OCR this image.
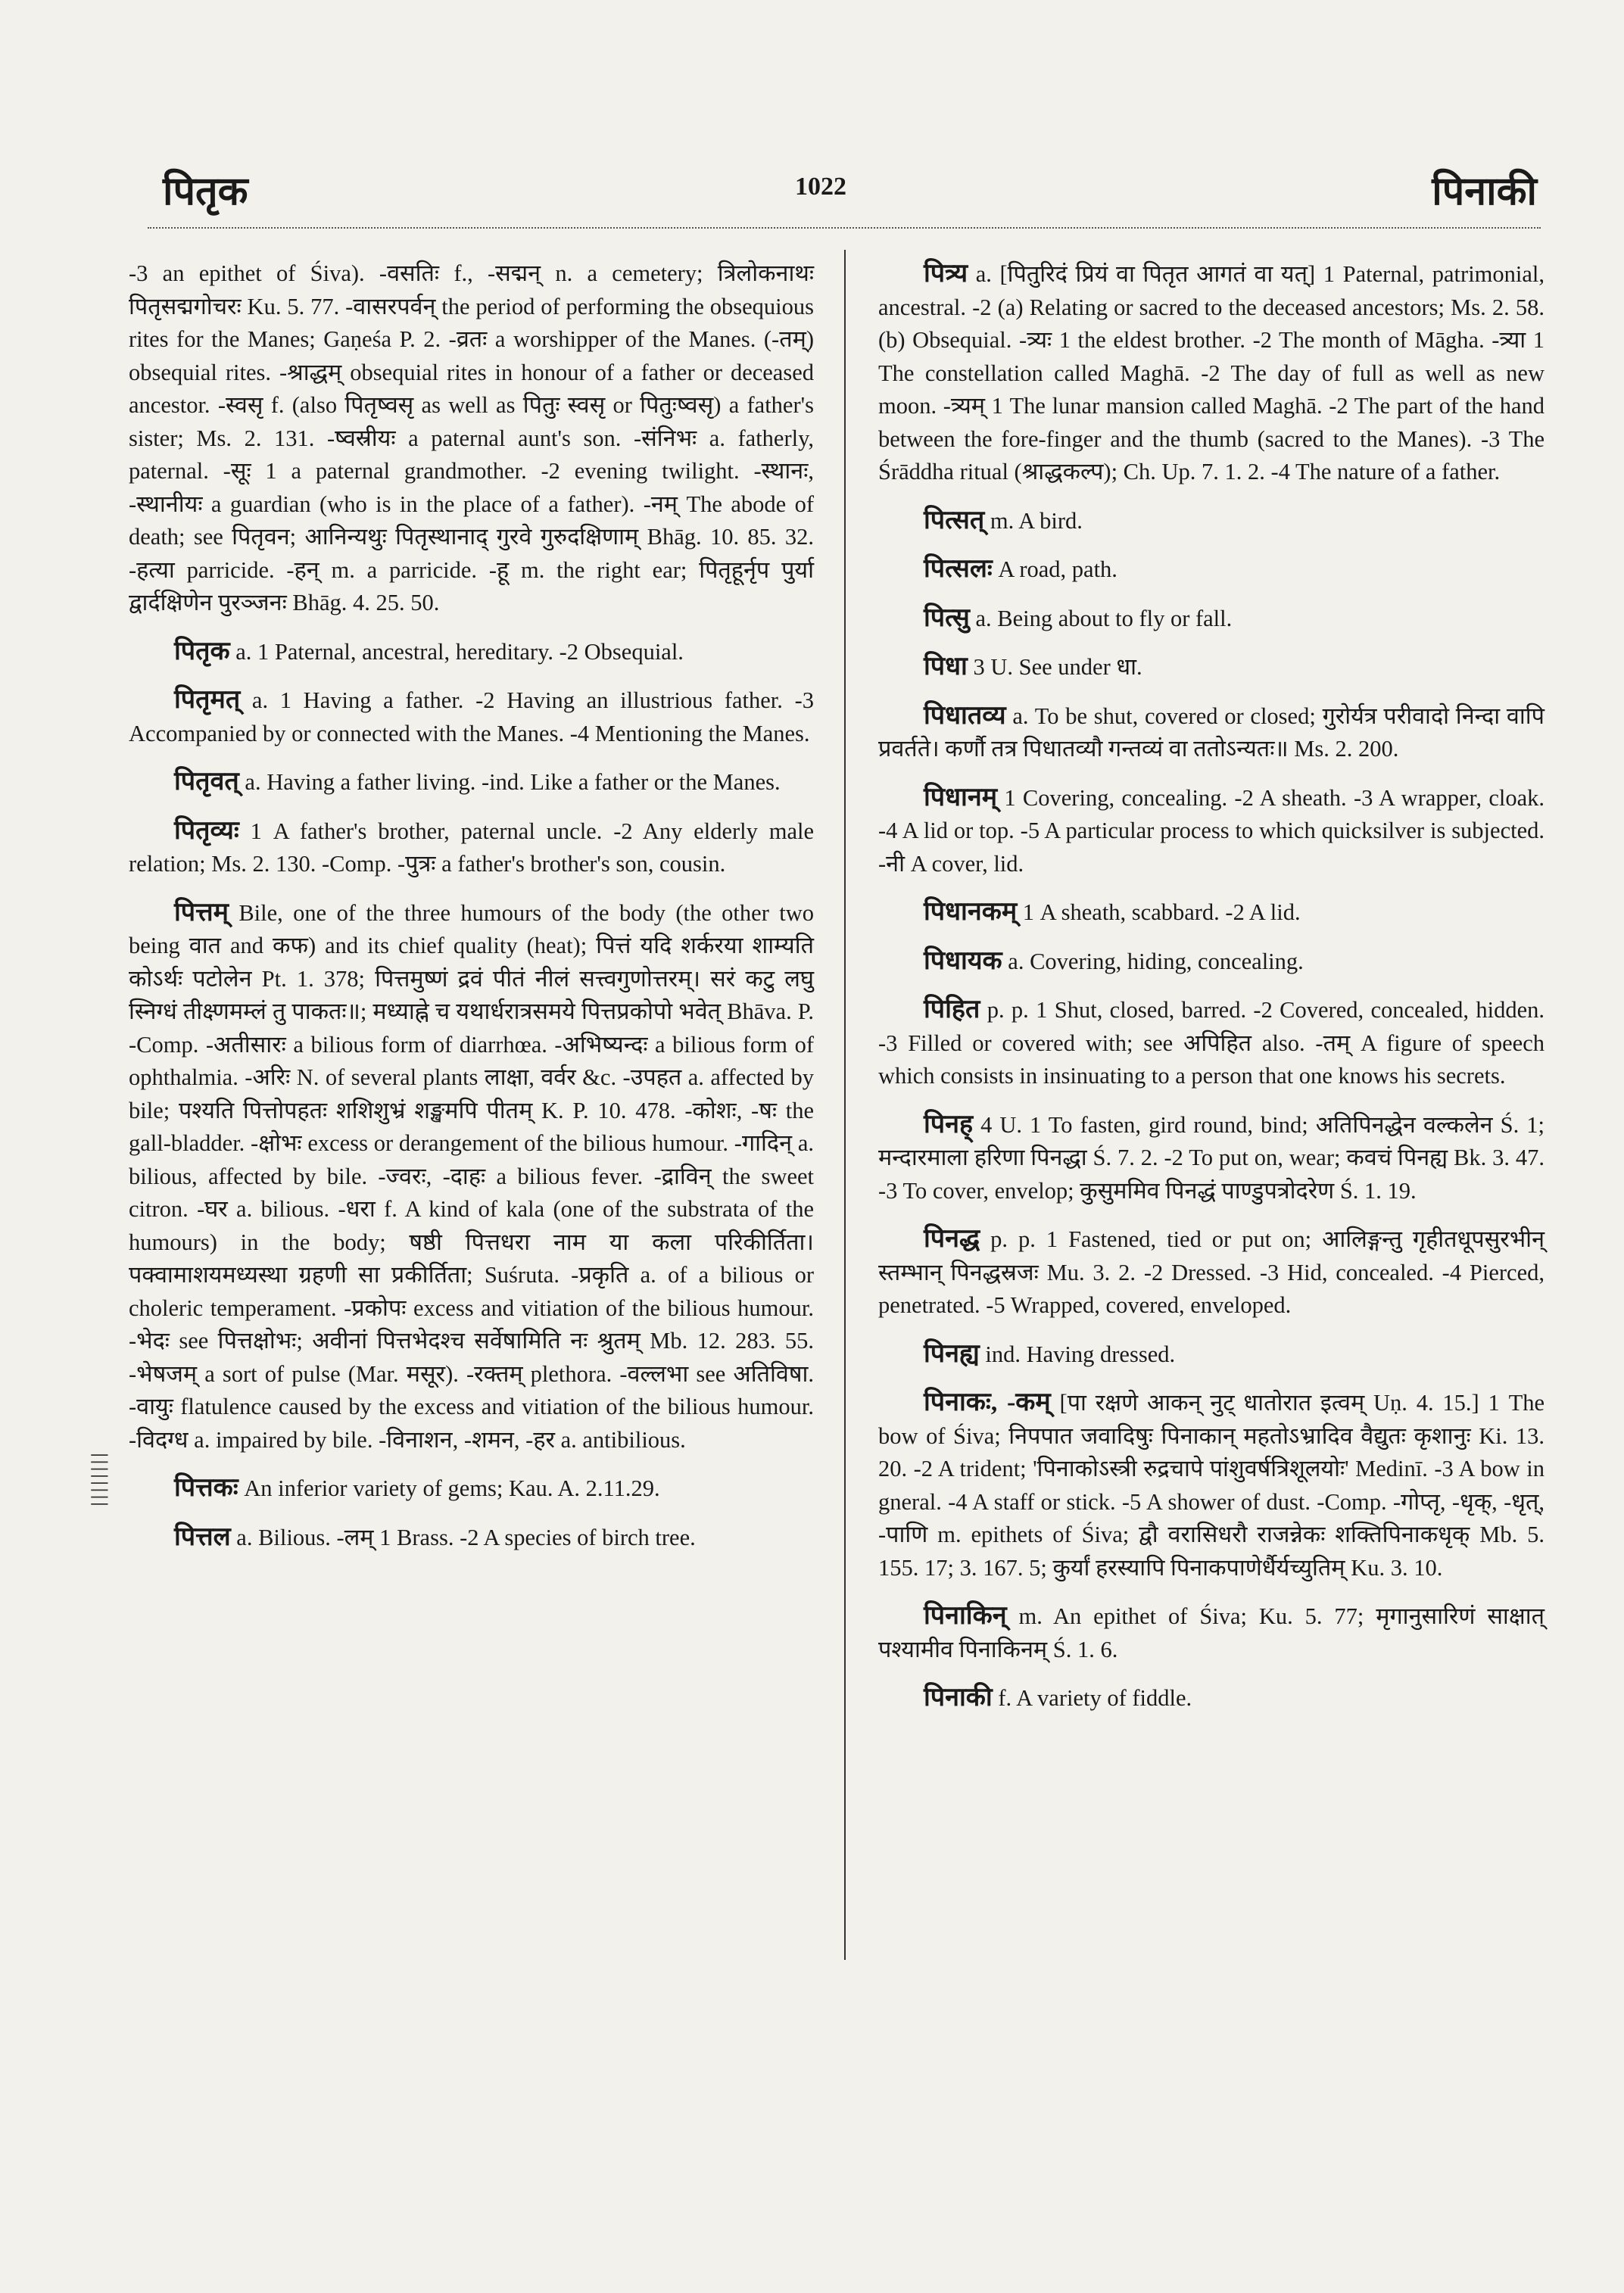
पितृक	1022	पिनाकी
||||||||

-3 an epithet of Śiva). -वसतिः f., -सद्मन् n. a cemetery; त्रिलोकनाथः पितृसद्मगोचरः Ku. 5. 77. -वासरपर्वन् the period of performing the obsequious rites for the Manes; Gaṇeśa P. 2. -व्रतः a worshipper of the Manes. (-तम्) obsequial rites. -श्राद्धम् obsequial rites in honour of a father or deceased ancestor. -स्वसृ f. (also पितृष्वसृ as well as पितुः स्वसृ or पितुःष्वसृ) a father's sister; Ms. 2. 131. -ष्वस्रीयः a paternal aunt's son. -संनिभः a. fatherly, paternal. -सूः 1 a paternal grandmother. -2 evening twilight. -स्थानः, -स्थानीयः a guardian (who is in the place of a father). -नम् The abode of death; see पितृवन; आनिन्यथुः पितृस्थानाद् गुरवे गुरुदक्षिणाम् Bhāg. 10. 85. 32. -हत्या parricide. -हन् m. a parricide. -हू m. the right ear; पितृहूर्नृप पुर्या द्वार्दक्षिणेन पुरञ्जनः Bhāg. 4. 25. 50.

पितृक a. 1 Paternal, ancestral, hereditary. -2 Obsequial.

पितृमत् a. 1 Having a father. -2 Having an illustrious father. -3 Accompanied by or connected with the Manes. -4 Mentioning the Manes.

पितृवत् a. Having a father living. -ind. Like a father or the Manes.

पितृव्यः 1 A father's brother, paternal uncle. -2 Any elderly male relation; Ms. 2. 130. -Comp. -पुत्रः a father's brother's son, cousin.

पित्तम् Bile, one of the three humours of the body (the other two being वात and कफ) and its chief quality (heat); पित्तं यदि शर्करया शाम्यति कोऽर्थः पटोलेन Pt. 1. 378; पित्तमुष्णं द्रवं पीतं नीलं सत्त्वगुणोत्तरम्। सरं कटु लघु स्निग्धं तीक्ष्णमम्लं तु पाकतः॥; मध्याह्ने च यथार्धरात्रसमये पित्तप्रकोपो भवेत् Bhāva. P. -Comp. -अतीसारः a bilious form of diarrhœa. -अभिष्यन्दः a bilious form of ophthalmia. -अरिः N. of several plants लाक्षा, वर्वर &c. -उपहत a. affected by bile; पश्यति पित्तोपहतः शशिशुभ्रं शङ्खमपि पीतम् K. P. 10. 478. -कोशः, -षः the gall-bladder. -क्षोभः excess or derangement of the bilious humour. -गादिन् a. bilious, affected by bile. -ज्वरः, -दाहः a bilious fever. -द्राविन् the sweet citron. -घर a. bilious. -धरा f. A kind of kala (one of the substrata of the humours) in the body; षष्ठी पित्तधरा नाम या कला परिकीर्तिता। पक्वामाशयमध्यस्था ग्रहणी सा प्रकीर्तिता; Suśruta. -प्रकृति a. of a bilious or choleric temperament. -प्रकोपः excess and vitiation of the bilious humour. -भेदः see पित्तक्षोभः; अवीनां पित्तभेदश्च सर्वेषामिति नः श्रुतम् Mb. 12. 283. 55. -भेषजम् a sort of pulse (Mar. मसूर). -रक्तम् plethora. -वल्लभा see अतिविषा. -वायुः flatulence caused by the excess and vitiation of the bilious humour. -विदग्ध a. impaired by bile. -विनाशन, -शमन, -हर a. antibilious.

पित्तकः An inferior variety of gems; Kau. A. 2.11.29.

पित्तल a. Bilious. -लम् 1 Brass. -2 A species of birch tree.

पित्र्य a. [पितुरिदं प्रियं वा पितृत आगतं वा यत्] 1 Paternal, patrimonial, ancestral. -2 (a) Relating or sacred to the deceased ancestors; Ms. 2. 58. (b) Obsequial. -त्र्यः 1 the eldest brother. -2 The month of Māgha. -त्र्या 1 The constellation called Maghā. -2 The day of full as well as new moon. -त्र्यम् 1 The lunar mansion called Maghā. -2 The part of the hand between the fore-finger and the thumb (sacred to the Manes). -3 The Śrāddha ritual (श्राद्धकल्प); Ch. Up. 7. 1. 2. -4 The nature of a father.

पित्सत् m. A bird.

पित्सलः A road, path.

पित्सु a. Being about to fly or fall.

पिधा 3 U. See under धा.

पिधातव्य a. To be shut, covered or closed; गुरोर्यत्र परीवादो निन्दा वापि प्रवर्तते। कर्णौ तत्र पिधातव्यौ गन्तव्यं वा ततोऽन्यतः॥ Ms. 2. 200.

पिधानम् 1 Covering, concealing. -2 A sheath. -3 A wrapper, cloak. -4 A lid or top. -5 A particular process to which quicksilver is subjected. -नी A cover, lid.

पिधानकम् 1 A sheath, scabbard. -2 A lid.

पिधायक a. Covering, hiding, concealing.

पिहित p. p. 1 Shut, closed, barred. -2 Covered, concealed, hidden. -3 Filled or covered with; see अपिहित also. -तम् A figure of speech which consists in insinuating to a person that one knows his secrets.

पिनह् 4 U. 1 To fasten, gird round, bind; अतिपिनद्धेन वल्कलेन Ś. 1; मन्दारमाला हरिणा पिनद्धा Ś. 7. 2. -2 To put on, wear; कवचं पिनह्य Bk. 3. 47. -3 To cover, envelop; कुसुममिव पिनद्धं पाण्डुपत्रोदरेण Ś. 1. 19.

पिनद्ध p. p. 1 Fastened, tied or put on; आलिङ्गन्तु गृहीतधूपसुरभीन् स्तम्भान् पिनद्धस्रजः Mu. 3. 2. -2 Dressed. -3 Hid, concealed. -4 Pierced, penetrated. -5 Wrapped, covered, enveloped.

पिनह्य ind. Having dressed.

पिनाकः, -कम् [पा रक्षणे आकन् नुट् धातोरात इत्वम् Uṇ. 4. 15.] 1 The bow of Śiva; निपपात जवादिषुः पिनाकान् महतोऽभ्रादिव वैद्युतः कृशानुः Ki. 13. 20. -2 A trident; 'पिनाकोऽस्त्री रुद्रचापे पांशुवर्षत्रिशूलयोः' Medinī. -3 A bow in gneral. -4 A staff or stick. -5 A shower of dust. -Comp. -गोप्तृ, -धृक्, -धृत्, -पाणि m. epithets of Śiva; द्वौ वरासिधरौ राजन्नेकः शक्तिपिनाकधृक् Mb. 5. 155. 17; 3. 167. 5; कुर्यां हरस्यापि पिनाकपाणेर्धैर्यच्युतिम् Ku. 3. 10.

पिनाकिन् m. An epithet of Śiva; Ku. 5. 77; मृगानुसारिणं साक्षात् पश्यामीव पिनाकिनम् Ś. 1. 6.

पिनाकी f. A variety of fiddle.
